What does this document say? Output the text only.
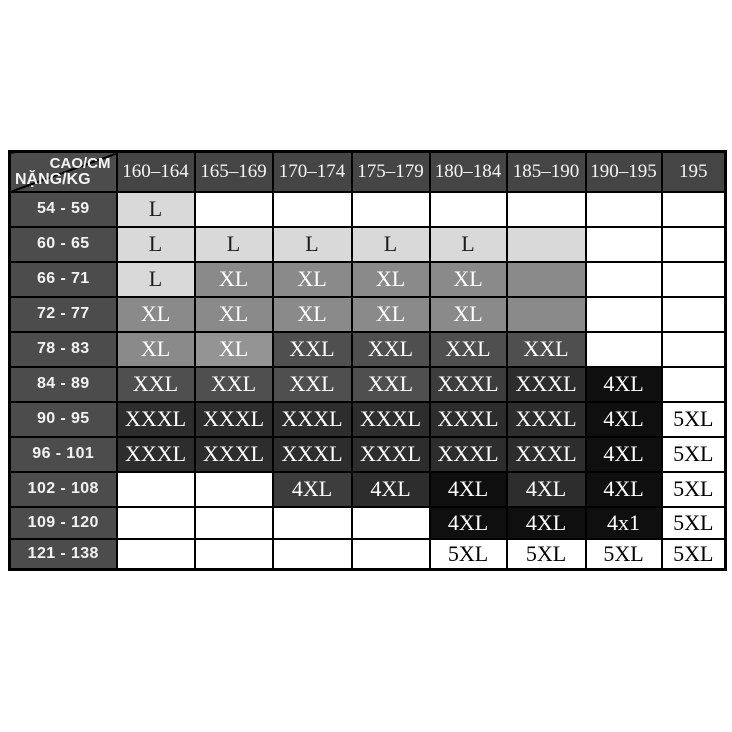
CAO/CM
NẶNG/KG	160–164	165–169	170–174	175–179	180–184	185–190	190–195	195
54 - 59	L							
60 - 65	L	L	L	L	L			
66 - 71	L	XL	XL	XL	XL			
72 - 77	XL	XL	XL	XL	XL			
78 - 83	XL	XL	XXL	XXL	XXL	XXL		
84 - 89	XXL	XXL	XXL	XXL	XXXL	XXXL	4XL	
90 - 95	XXXL	XXXL	XXXL	XXXL	XXXL	XXXL	4XL	5XL
96 - 101	XXXL	XXXL	XXXL	XXXL	XXXL	XXXL	4XL	5XL
102 - 108			4XL	4XL	4XL	4XL	4XL	5XL
109 - 120					4XL	4XL	4x1	5XL
121 - 138					5XL	5XL	5XL	5XL
